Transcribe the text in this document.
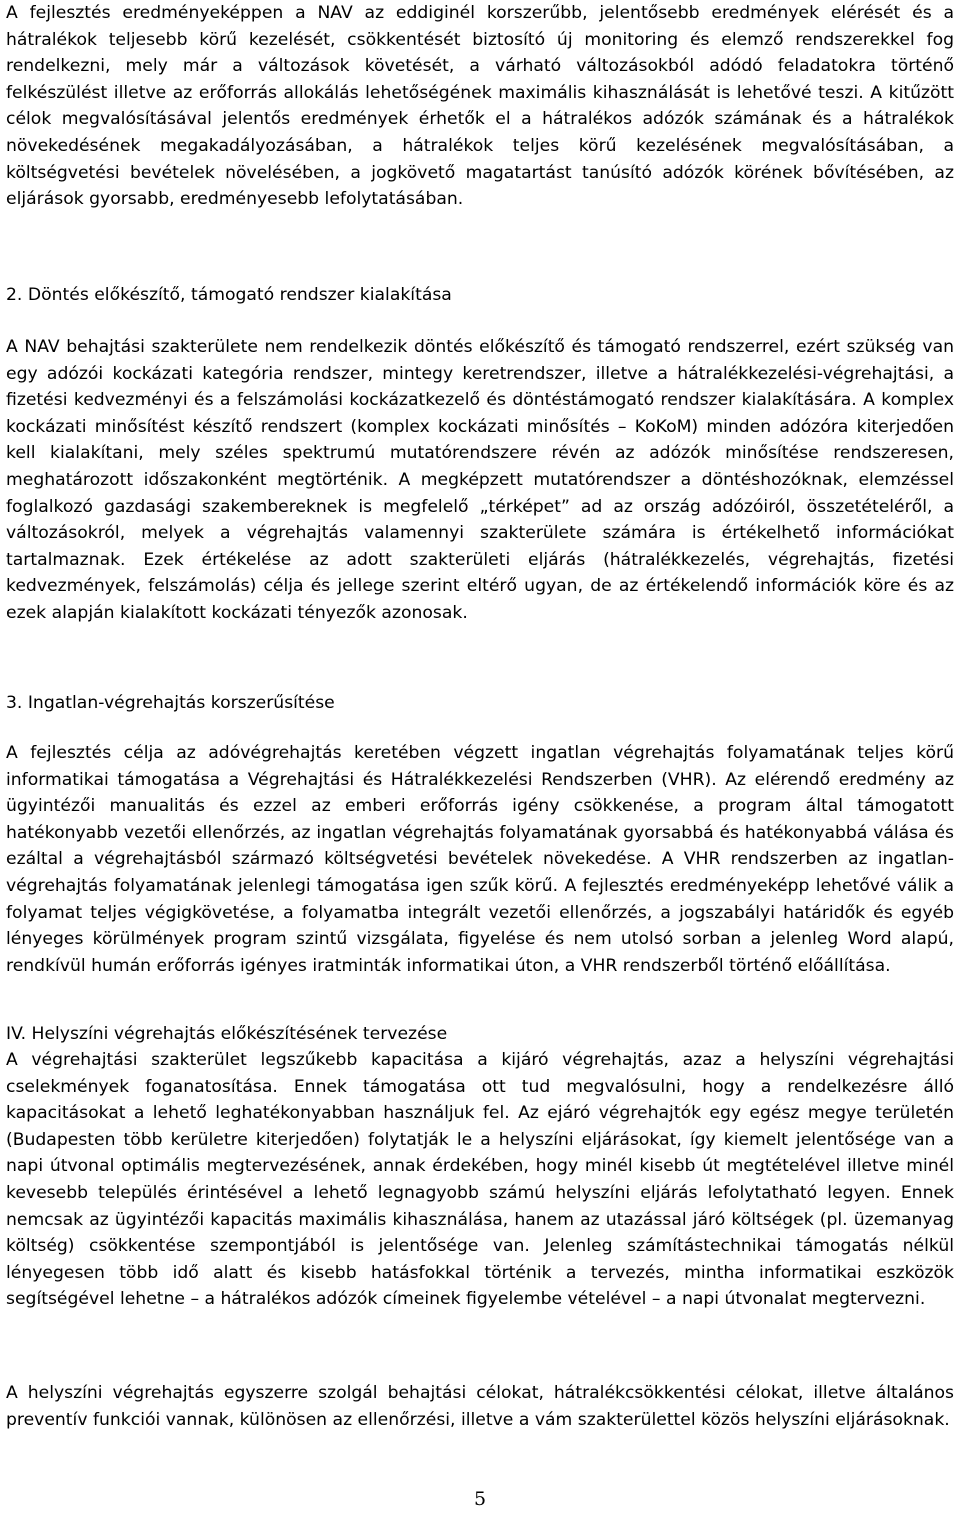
A fejlesztés eredményeképpen a NAV az eddiginél korszerűbb, jelentősebb eredmények elérését és a hátralékok teljesebb körű kezelését, csökkentését biztosító új monitoring és elemző rendszerekkel fog rendelkezni, mely már a változások követését, a várható változásokból adódó feladatokra történő felkészülést illetve az erőforrás allokálás lehetőségének maximális kihasználását is lehetővé teszi. A kitűzött célok megvalósításával jelentős eredmények érhetők el a hátralékos adózók számának és a hátralékok növekedésének megakadályozásában, a hátralékok teljes körű kezelésének megvalósításában, a költségvetési bevételek növelésében, a jogkövető magatartást tanúsító adózók körének bővítésében, az eljárások gyorsabb, eredményesebb lefolytatásában.

2. Döntés előkészítő, támogató rendszer kialakítása

A NAV behajtási szakterülete nem rendelkezik döntés előkészítő és támogató rendszerrel, ezért szükség van egy adózói kockázati kategória rendszer, mintegy keretrendszer, illetve a hátralékkezelési-végrehajtási, a fizetési kedvezményi és a felszámolási kockázatkezelő és döntéstámogató rendszer kialakítására. A komplex kockázati minősítést készítő rendszert (komplex kockázati minősítés – KoKoM) minden adózóra kiterjedően kell kialakítani, mely széles spektrumú mutatórendszere révén az adózók minősítése rendszeresen, meghatározott időszakonként megtörténik. A megképzett mutatórendszer a döntéshozóknak, elemzéssel foglalkozó gazdasági szakembereknek is megfelelő „térképet” ad az ország adózóiról, összetételéről, a változásokról, melyek a végrehajtás valamennyi szakterülete számára is értékelhető információkat tartalmaznak. Ezek értékelése az adott szakterületi eljárás (hátralékkezelés, végrehajtás, fizetési kedvezmények, felszámolás) célja és jellege szerint eltérő ugyan, de az értékelendő információk köre és az ezek alapján kialakított kockázati tényezők azonosak.

3. Ingatlan-végrehajtás korszerűsítése

A fejlesztés célja az adóvégrehajtás keretében végzett ingatlan végrehajtás folyamatának teljes körű informatikai támogatása a Végrehajtási és Hátralékkezelési Rendszerben (VHR). Az elérendő eredmény az ügyintézői manualitás és ezzel az emberi erőforrás igény csökkenése, a program által támogatott hatékonyabb vezetői ellenőrzés, az ingatlan végrehajtás folyamatának gyorsabbá és hatékonyabbá válása és ezáltal a végrehajtásból származó költségvetési bevételek növekedése. A VHR rendszerben az ingatlan-végrehajtás folyamatának jelenlegi támogatása igen szűk körű. A fejlesztés eredményeképp lehetővé válik a folyamat teljes végigkövetése, a folyamatba integrált vezetői ellenőrzés, a jogszabályi határidők és egyéb lényeges körülmények program szintű vizsgálata, figyelése és nem utolsó sorban a jelenleg Word alapú, rendkívül humán erőforrás igényes iratminták informatikai úton, a VHR rendszerből történő előállítása.

IV. Helyszíni végrehajtás előkészítésének tervezése

A végrehajtási szakterület legszűkebb kapacitása a kijáró végrehajtás, azaz a helyszíni végrehajtási cselekmények foganatosítása. Ennek támogatása ott tud megvalósulni, hogy a rendelkezésre álló kapacitásokat a lehető leghatékonyabban használjuk fel. Az ejáró végrehajtók egy egész megye területén (Budapesten több kerületre kiterjedően) folytatják le a helyszíni eljárásokat, így kiemelt jelentősége van a napi útvonal optimális megtervezésének, annak érdekében, hogy minél kisebb út megtételével illetve minél kevesebb település érintésével a lehető legnagyobb számú helyszíni eljárás lefolytatható legyen. Ennek nemcsak az ügyintézői kapacitás maximális kihasználása, hanem az utazással járó költségek (pl. üzemanyag költség) csökkentése szempontjából is jelentősége van. Jelenleg számítástechnikai támogatás nélkül lényegesen több idő alatt és kisebb hatásfokkal történik a tervezés, mintha informatikai eszközök segítségével lehetne – a hátralékos adózók címeinek figyelembe vételével – a napi útvonalat megtervezni.

A helyszíni végrehajtás egyszerre szolgál behajtási célokat, hátralékcsökkentési célokat, illetve általános preventív funkciói vannak, különösen az ellenőrzési, illetve a vám szakterülettel közös helyszíni eljárásoknak.

5
